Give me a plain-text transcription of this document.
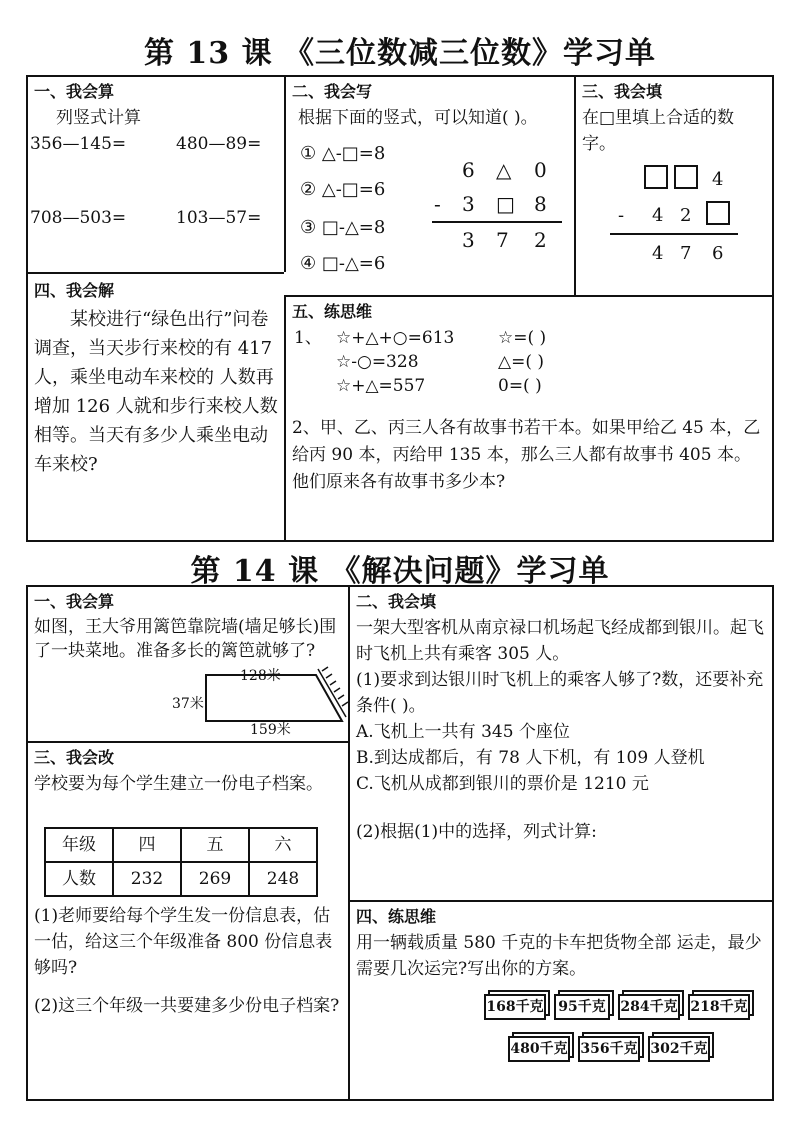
第 13 课 《三位数减三位数》学习单
一、我会算
列竖式计算
356—145=	480—89=
708—503=	103—57=
二、我会写
根据下面的竖式，可以知道( )。
① △-□=8
② △-□=6
③ □-△=8
④ □-△=6
6 △ 0
- 3 □ 8
3 7 2
三、我会填
在□里填上合适的数字。
4
- 4 2
4 7 6
四、我会解
某校进行“绿色出行”问卷调查，当天步行来校的有 417 人，乘坐电动车来校的 人数再增加 126 人就和步行来校人数相等。当天有多少人乘坐电动车来校?
五、练思维
1、 ☆+△+○=613
☆-○=328
☆+△=557
☆=( )
△=( )
0=( )
2、甲、乙、丙三人各有故事书若干本。如果甲给乙 45 本，乙给丙 90 本，丙给甲 135 本，那么三人都有故事书 405 本。 他们原来各有故事书多少本?
第 14 课 《解决问题》学习单
一、我会算
如图，王大爷用篱笆靠院墙(墙足够长)围了一块菜地。准备多长的篱笆就够了?
128米
37米
159米
二、我会填
一架大型客机从南京禄口机场起飞经成都到银川。起飞时飞机上共有乘客 305 人。
(1)要求到达银川时飞机上的乘客人够了?数，还要补充条件( )。
A.飞机上一共有 345 个座位
B.到达成都后，有 78 人下机，有 109 人登机
C.飞机从成都到银川的票价是 1210 元
(2)根据(1)中的选择，列式计算:
三、我会改
学校要为每个学生建立一份电子档案。
年级	四	五	六
人数	232	269	248
(1)老师要给每个学生发一份信息表，估一估，给这三个年级准备 800 份信息表够吗?
(2)这三个年级一共要建多少份电子档案?
四、练思维
用一辆载质量 580 千克的卡车把货物全部 运走，最少需要几次运完?写出你的方案。
168千克	95千克	284千克 218千克
480千克 356千克 302千克
